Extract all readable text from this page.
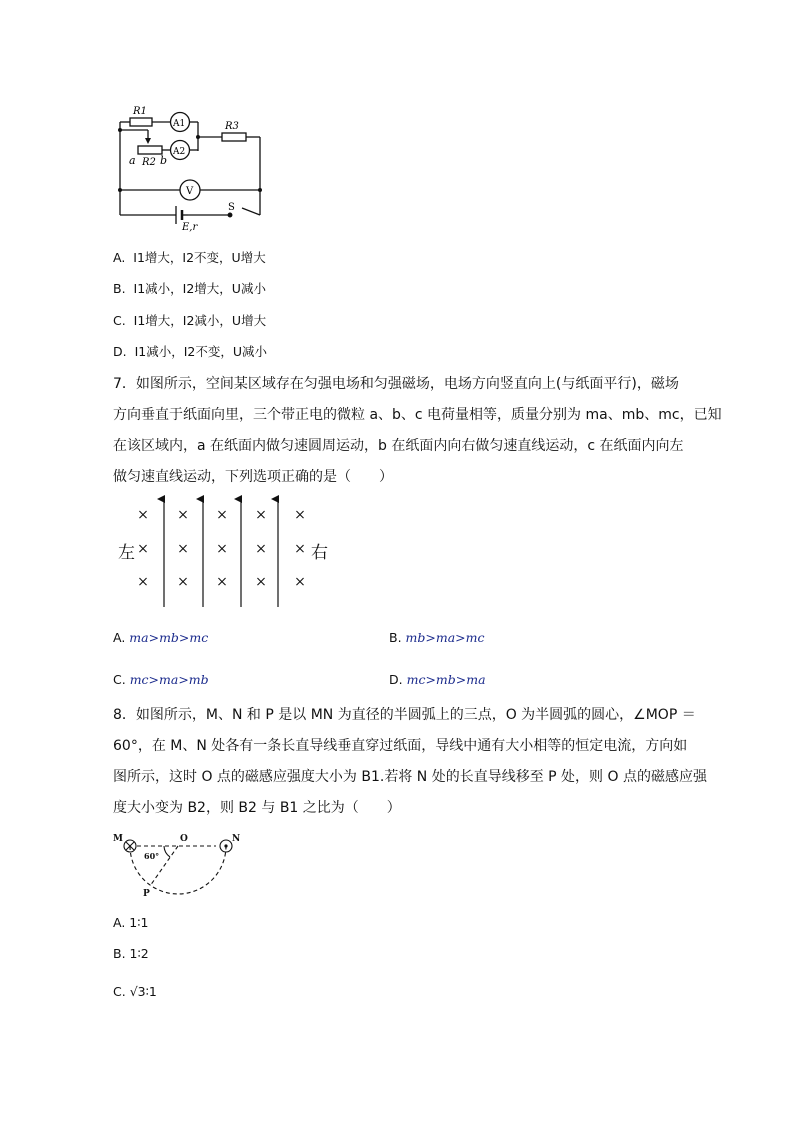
R1
A1
A2
R3
a R2 b
V
E,r
S
A. I1增大，I2不变，U增大
B. I1减小，I2增大，U减小
C. I1增大，I2减小，U增大
D. I1减小，I2不变，U减小
7．如图所示，空间某区域存在匀强电场和匀强磁场，电场方向竖直向上(与纸面平行)，磁场
方向垂直于纸面向里，三个带正电的微粒 a、b、c 电荷量相等，质量分别为 ma、mb、mc，已知
在该区域内，a 在纸面内做匀速圆周运动，b 在纸面内向右做匀速直线运动，c 在纸面内向左
做匀速直线运动，下列选项正确的是（　　）
× × × × ×
× × × × ×
× × × × ×
左	右
A. ma>mb>mc	B. mb>ma>mc
C. mc>ma>mb	D. mc>mb>ma
8．如图所示，M、N 和 P 是以 MN 为直径的半圆弧上的三点，O 为半圆弧的圆心，∠MOP ＝
60°，在 M、N 处各有一条长直导线垂直穿过纸面，导线中通有大小相等的恒定电流，方向如
图所示，这时 O 点的磁感应强度大小为 B1.若将 N 处的长直导线移至 P 处，则 O 点的磁感应强
度大小变为 B2，则 B2 与 B1 之比为（　　）
M	O	N
P
60°
A. 1∶1
B. 1∶2
C. √3∶1
